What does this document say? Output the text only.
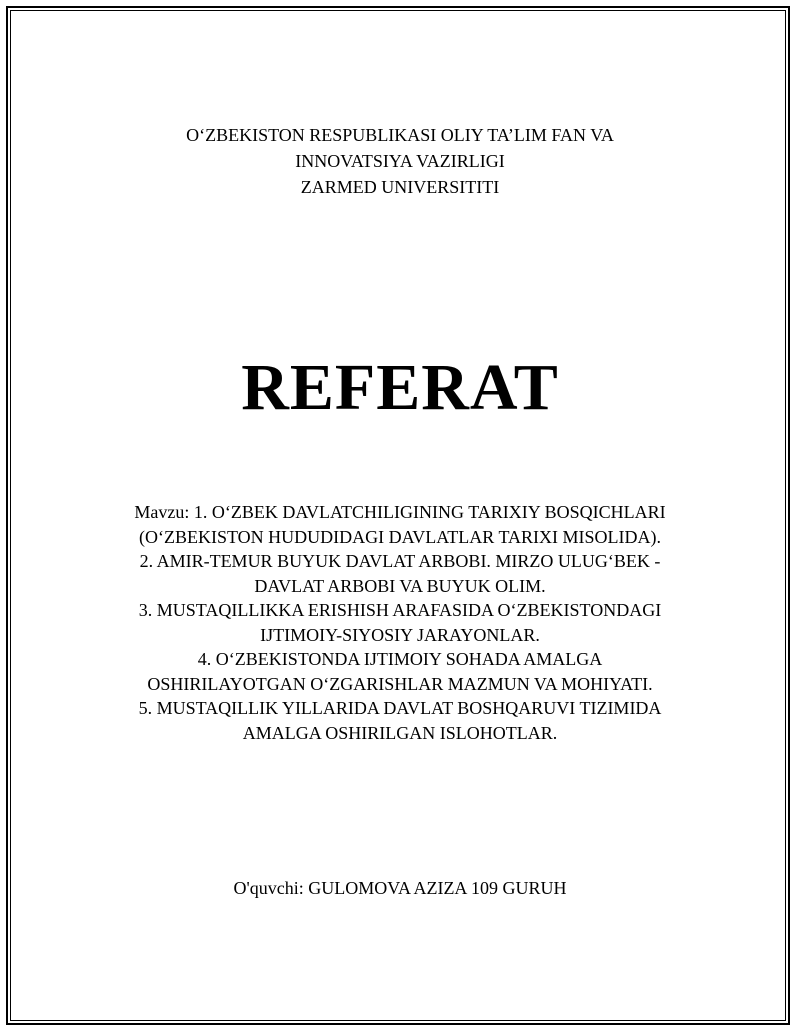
O‘ZBEKISTON RESPUBLIKASI OLIY TA’LIM FAN VA
INNOVATSIYA VAZIRLIGI
ZARMED UNIVERSITITI
REFERAT
Mavzu: 1. O‘ZBEK DAVLATCHILIGINING TARIXIY BOSQICHLARI
(O‘ZBEKISTON HUDUDIDAGI DAVLATLAR TARIXI MISOLIDA).
2. AMIR-TEMUR BUYUK DAVLAT ARBOBI. MIRZO ULUG‘BEK -
DAVLAT ARBOBI VA BUYUK OLIM.
3. MUSTAQILLIKKA ERISHISH ARAFASIDA O‘ZBEKISTONDAGI
IJTIMOIY-SIYOSIY JARAYONLAR.
4. O‘ZBEKISTONDA IJTIMOIY SOHADA AMALGA
OSHIRILAYOTGAN O‘ZGARISHLAR MAZMUN VA MOHIYATI.
5. MUSTAQILLIK YILLARIDA DAVLAT BOSHQARUVI TIZIMIDA
AMALGA OSHIRILGAN ISLOHOTLAR.
O'quvchi: GULOMOVA AZIZA 109 GURUH
